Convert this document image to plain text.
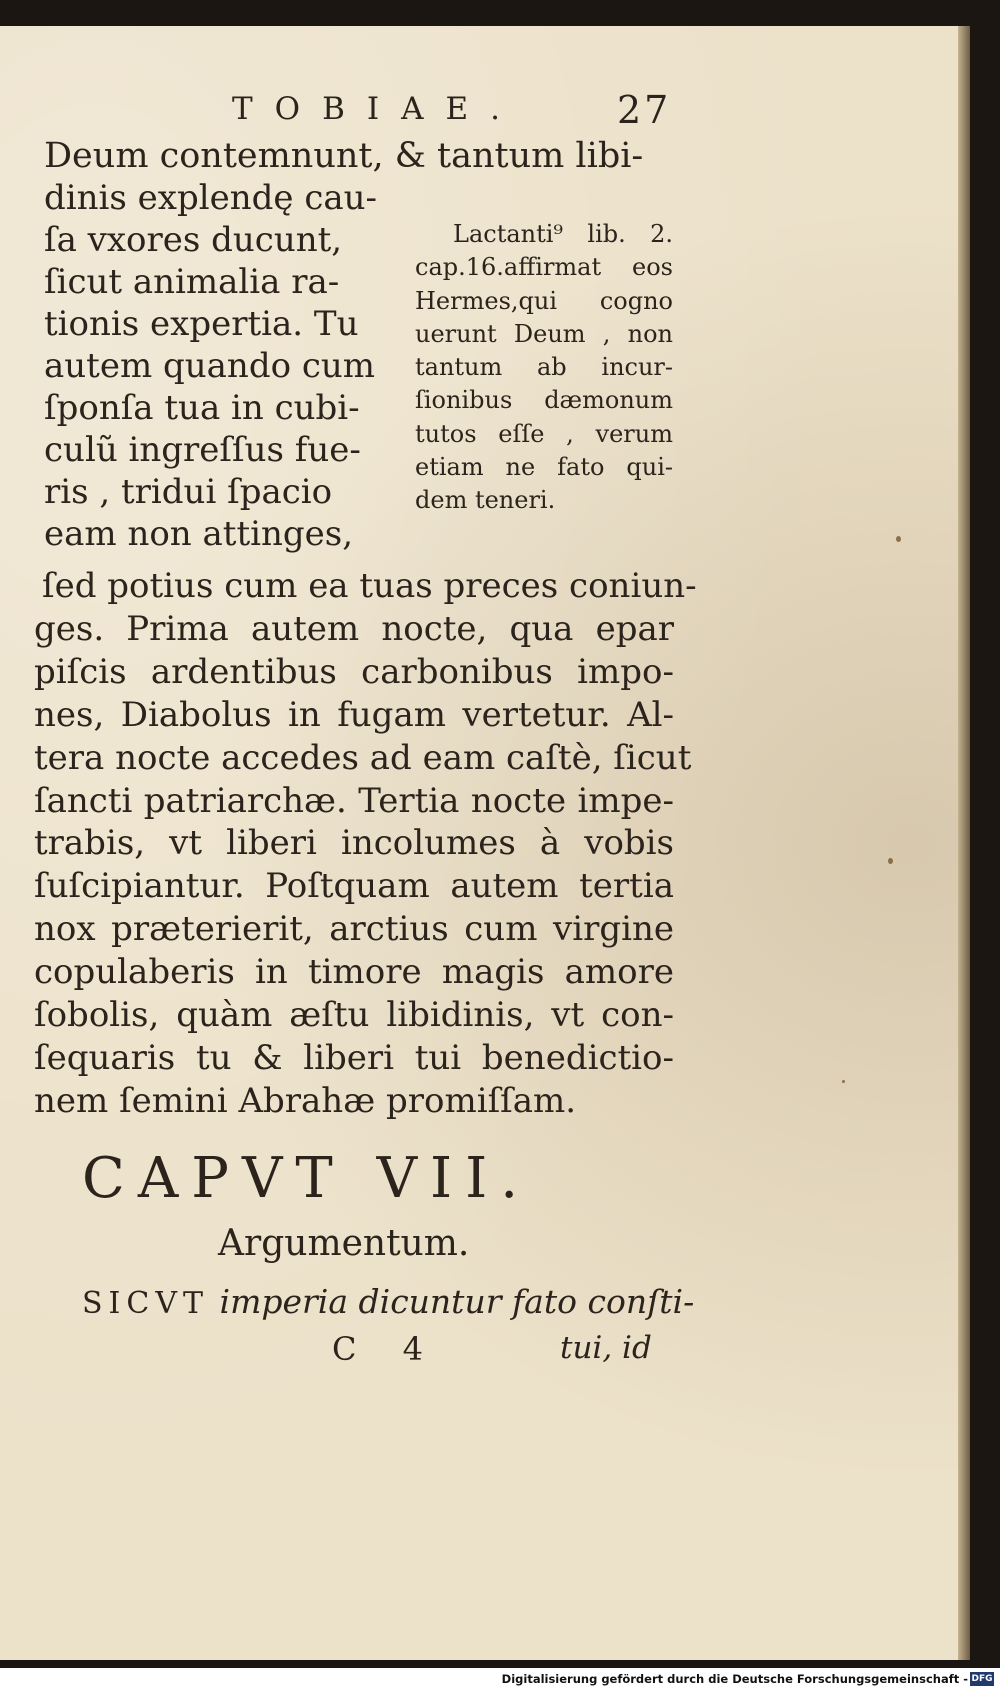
TOBIAE.	27
Deum contemnunt, & tantum libi-
dinis explendę cau-
ſa vxores ducunt,
ſicut animalia ra-
tionis expertia. Tu
autem quando cum
ſponſa tua in cubi-
culũ ingreſſus fue-
ris , tridui ſpacio
eam non attinges,
Lactanti⁹ lib. 2.
cap.16.affirmat eos
Hermes,qui cogno
uerunt Deum , non
tantum ab incur-
ſionibus dæmonum
tutos eſſe , verum
etiam ne fato qui-
dem teneri.
ſed potius cum ea tuas preces coniun-
ges. Prima autem nocte, qua epar
piſcis ardentibus carbonibus impo-
nes, Diabolus in fugam vertetur. Al-
tera nocte accedes ad eam caſtè, ſicut
ſancti patriarchæ. Tertia nocte impe-
trabis, vt liberi incolumes à vobis
ſuſcipiantur. Poſtquam autem tertia
nox præterierit, arctius cum virgine
copulaberis in timore magis amore
ſobolis, quàm æſtu libidinis, vt con-
ſequaris tu & liberi tui benedictio-
nem ſemini Abrahæ promiſſam.
CAPVT VII.
Argumentum.
SICVT imperia dicuntur fato conſti-
C 4	tui, id
Digitalisierung gefördert durch die Deutsche Forschungsgemeinschaft - DFG
